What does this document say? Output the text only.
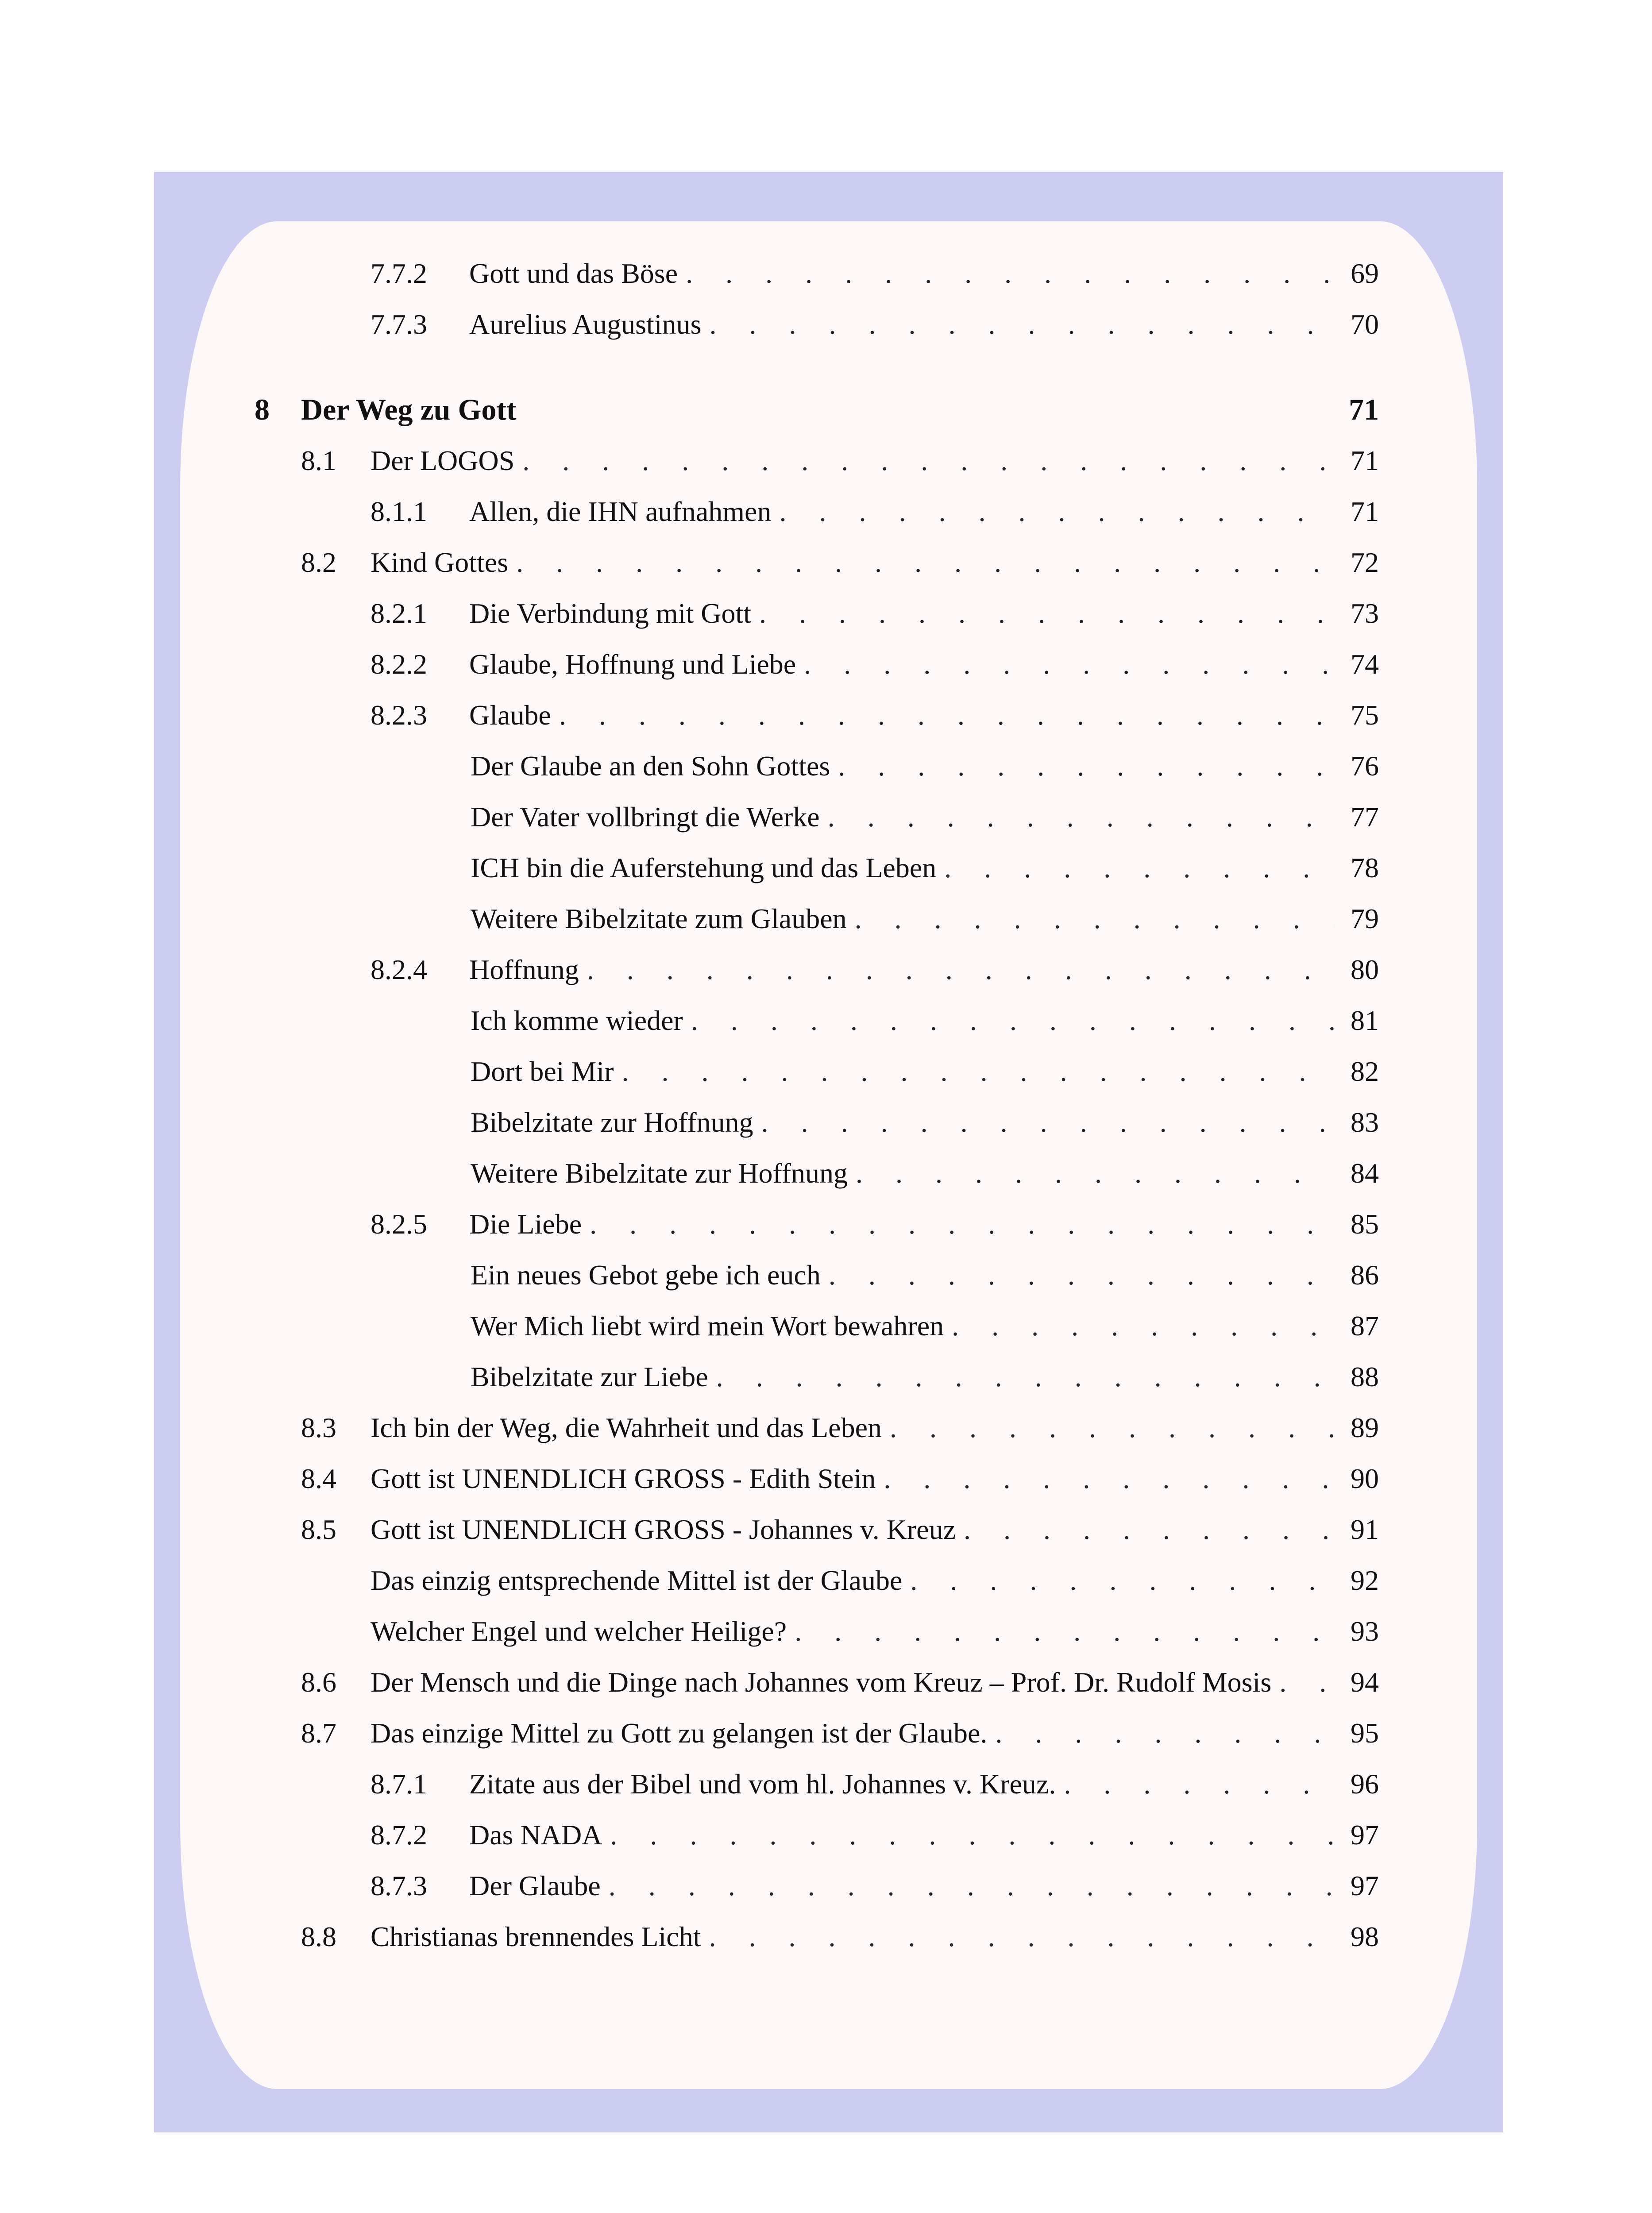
7.7.2 Gott und das Böse . . .	69
7.7.3 Aurelius Augustinus . . .	70
8 Der Weg zu Gott	71
8.1 Der LOGOS . . .	71
8.1.1 Allen, die IHN aufnahmen . . .	71
8.2 Kind Gottes . . .	72
8.2.1 Die Verbindung mit Gott . . .	73
8.2.2 Glaube, Hoffnung und Liebe . . .	74
8.2.3 Glaube . . .	75
Der Glaube an den Sohn Gottes . . .	76
Der Vater vollbringt die Werke . . .	77
ICH bin die Auferstehung und das Leben . . .	78
Weitere Bibelzitate zum Glauben . . .	79
8.2.4 Hoffnung . . .	80
Ich komme wieder . . .	81
Dort bei Mir . . .	82
Bibelzitate zur Hoffnung . . .	83
Weitere Bibelzitate zur Hoffnung . . .	84
8.2.5 Die Liebe . . .	85
Ein neues Gebot gebe ich euch . . .	86
Wer Mich liebt wird mein Wort bewahren . . .	87
Bibelzitate zur Liebe . . .	88
8.3 Ich bin der Weg, die Wahrheit und das Leben . . .	89
8.4 Gott ist UNENDLICH GROSS - Edith Stein . . .	90
8.5 Gott ist UNENDLICH GROSS - Johannes v. Kreuz . . .	91
Das einzig entsprechende Mittel ist der Glaube . . .	92
Welcher Engel und welcher Heilige? . . .	93
8.6 Der Mensch und die Dinge nach Johannes vom Kreuz – Prof. Dr. Rudolf Mosis . . .	94
8.7 Das einzige Mittel zu Gott zu gelangen ist der Glaube. . . .	95
8.7.1 Zitate aus der Bibel und vom hl. Johannes v. Kreuz. . . .	96
8.7.2 Das NADA . . .	97
8.7.3 Der Glaube . . .	97
8.8 Christianas brennendes Licht . . .	98
